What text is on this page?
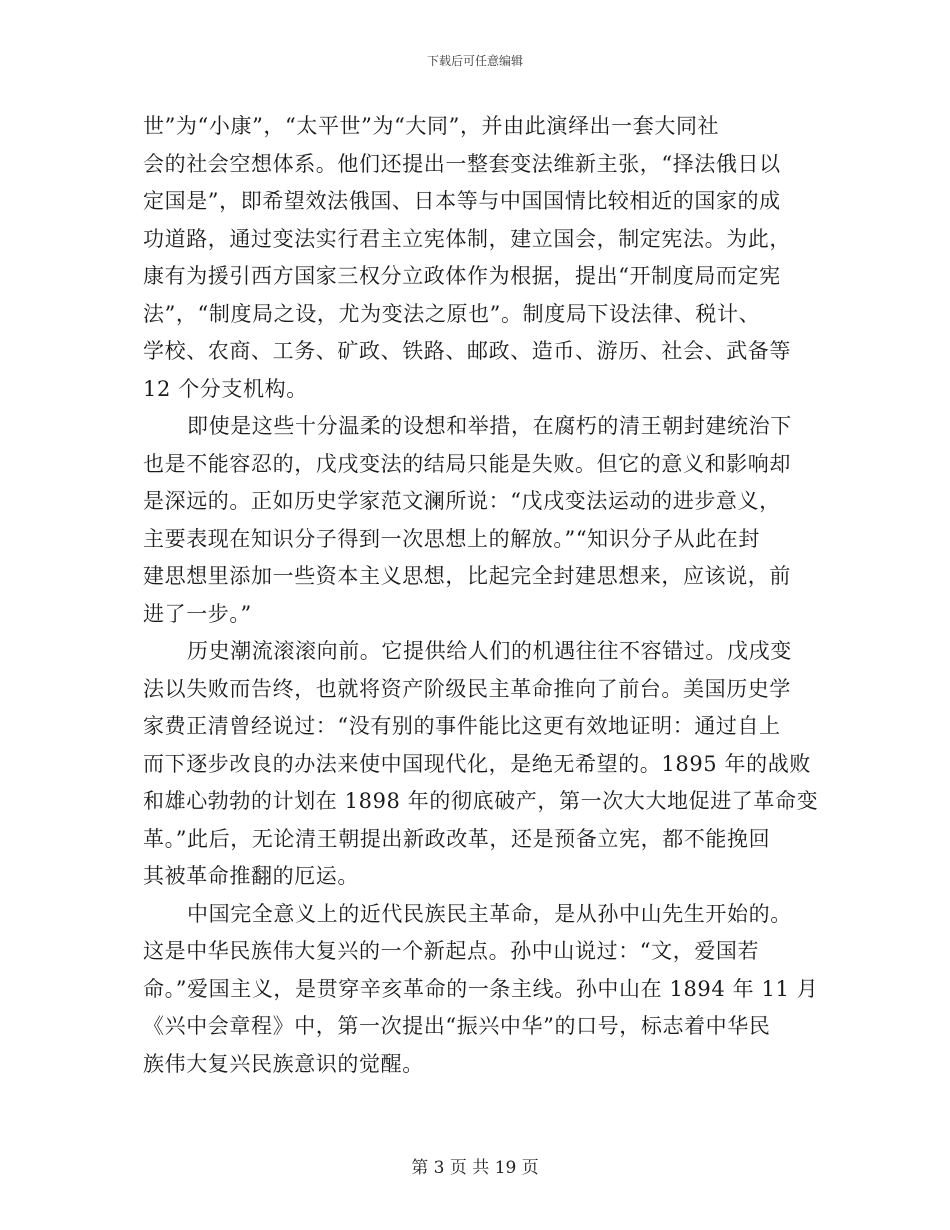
下载后可任意编辑
世”为“小康”，“太平世”为“大同”，并由此演绎出一套大同社
会的社会空想体系。他们还提出一整套变法维新主张，“择法俄日以
定国是”，即希望效法俄国、日本等与中国国情比较相近的国家的成
功道路，通过变法实行君主立宪体制，建立国会，制定宪法。为此，
康有为援引西方国家三权分立政体作为根据，提出“开制度局而定宪
法”，“制度局之设，尤为变法之原也”。制度局下设法律、税计、
学校、农商、工务、矿政、铁路、邮政、造币、游历、社会、武备等
12 个分支机构。
即使是这些十分温柔的设想和举措，在腐朽的清王朝封建统治下
也是不能容忍的，戊戌变法的结局只能是失败。但它的意义和影响却
是深远的。正如历史学家范文澜所说：“戊戌变法运动的进步意义，
主要表现在知识分子得到一次思想上的解放。”“知识分子从此在封
建思想里添加一些资本主义思想，比起完全封建思想来，应该说，前
进了一步。”
历史潮流滚滚向前。它提供给人们的机遇往往不容错过。戊戌变
法以失败而告终，也就将资产阶级民主革命推向了前台。美国历史学
家费正清曾经说过：“没有别的事件能比这更有效地证明：通过自上
而下逐步改良的办法来使中国现代化，是绝无希望的。1895 年的战败
和雄心勃勃的计划在 1898 年的彻底破产，第一次大大地促进了革命变
革。”此后，无论清王朝提出新政改革，还是预备立宪，都不能挽回
其被革命推翻的厄运。
中国完全意义上的近代民族民主革命，是从孙中山先生开始的。
这是中华民族伟大复兴的一个新起点。孙中山说过：“文，爱国若
命。”爱国主义，是贯穿辛亥革命的一条主线。孙中山在 1894 年 11 月
《兴中会章程》中，第一次提出“振兴中华”的口号，标志着中华民
族伟大复兴民族意识的觉醒。
第 3 页 共 19 页
